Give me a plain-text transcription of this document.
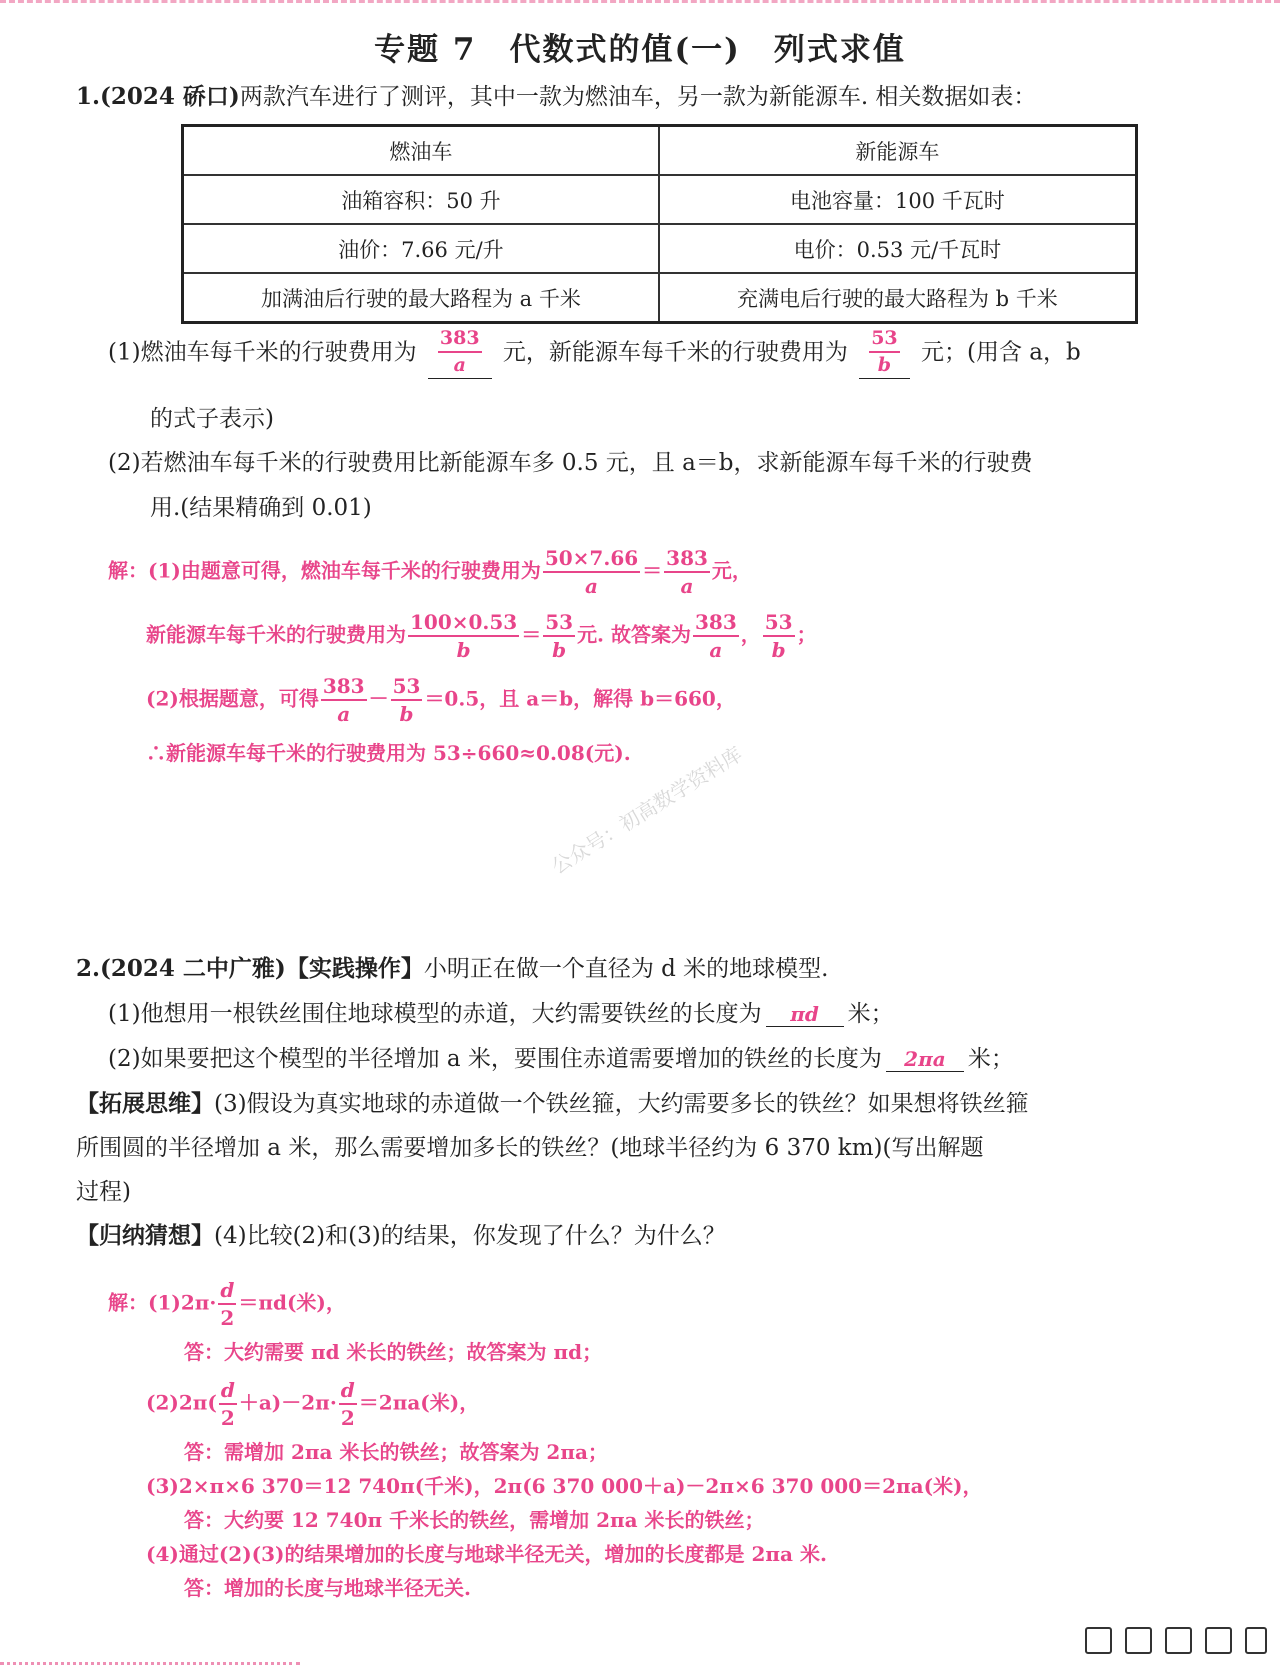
专题 7　代数式的值(一)　列式求值
1.(2024 硚口)两款汽车进行了测评，其中一款为燃油车，另一款为新能源车. 相关数据如表：
燃油车	新能源车
油箱容积：50 升	电池容量：100 千瓦时
油价：7.66 元/升	电价：0.53 元/千瓦时
加满油后行驶的最大路程为 a 千米	充满电后行驶的最大路程为 b 千米
(1)燃油车每千米的行驶费用为 $\frac{383}{a}$ 元，新能源车每千米的行驶费用为 $\frac{53}{b}$ 元；(用含 a，b
的式子表示)
(2)若燃油车每千米的行驶费用比新能源车多 0.5 元，且 a＝b，求新能源车每千米的行驶费
用.(结果精确到 0.01)
解：(1)由题意可得，燃油车每千米的行驶费用为 $\frac{50\times 7.66}{a} = \frac{383}{a}$ 元，
新能源车每千米的行驶费用为 $\frac{100\times 0.53}{b} = \frac{53}{b}$ 元. 故答案为 $\frac{383}{a}$ ， $\frac{53}{b}$ ；
(2)根据题意，可得 $\frac{383}{a} - \frac{53}{b} =0.5$，且 a＝b，解得 b＝660，
∴新能源车每千米的行驶费用为 53÷660≈0.08(元).
公众号：初高数学资料库
2.(2024 二中广雅)【实践操作】小明正在做一个直径为 d 米的地球模型.
(1)他想用一根铁丝围住地球模型的赤道，大约需要铁丝的长度为 πd 米；
(2)如果要把这个模型的半径增加 a 米，要围住赤道需要增加的铁丝的长度为 2πa 米；
【拓展思维】(3)假设为真实地球的赤道做一个铁丝箍，大约需要多长的铁丝？如果想将铁丝箍
所围圆的半径增加 a 米，那么需要增加多长的铁丝？(地球半径约为 6 370 km)(写出解题
过程)
【归纳猜想】(4)比较(2)和(3)的结果，你发现了什么？为什么？
解：$(1)2\pi\cdot \frac{d}{2} =\pi d$(米)，
答：大约需要 πd 米长的铁丝；故答案为 πd；
$(2)2\pi( \frac{d}{2} +a)-2\pi\cdot \frac{d}{2} =2\pi a$(米)，
答：需增加 2πa 米长的铁丝；故答案为 2πa；
(3)2×π×6 370＝12 740π(千米)，2π(6 370 000＋a)－2π×6 370 000＝2πa(米)，
答：大约要 12 740π 千米长的铁丝，需增加 2πa 米长的铁丝；
(4)通过(2)(3)的结果增加的长度与地球半径无关，增加的长度都是 2πa 米.
答：增加的长度与地球半径无关.
